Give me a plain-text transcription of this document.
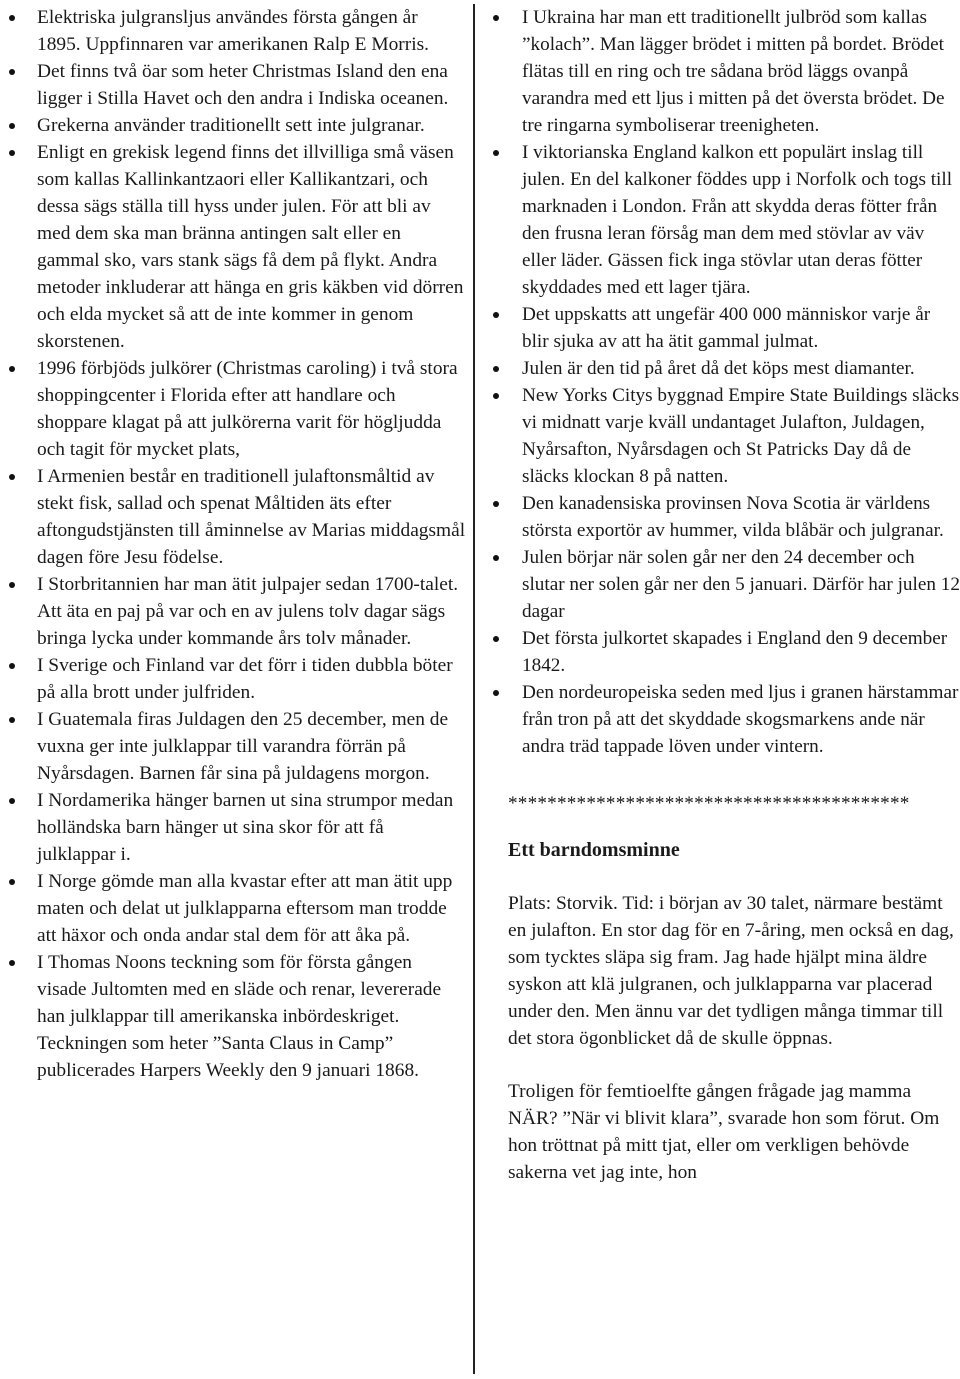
Elektriska julgransljus användes första gången år 1895. Uppfinnaren var amerikanen Ralp E Morris.
Det finns två öar som heter Christmas Island den ena ligger i Stilla Havet och den andra i Indiska oceanen.
Grekerna använder traditionellt sett inte julgranar.
Enligt en grekisk legend finns det illvilliga små väsen som kallas Kallinkantzaori eller Kallikantzari, och dessa sägs ställa till hyss under julen. För att bli av med dem ska man bränna antingen salt eller en gammal sko, vars stank sägs få dem på flykt. Andra metoder inkluderar att hänga en gris käkben vid dörren och elda mycket så att de inte kommer in genom skorstenen.
1996 förbjöds julkörer (Christmas caroling) i två stora shoppingcenter i Florida efter att handlare och shoppare klagat på att julkörerna varit för högljudda och tagit för mycket plats,
I Armenien består en traditionell julaftonsmåltid av stekt fisk, sallad och spenat Måltiden äts efter aftongudstjänsten till åminnelse av Marias middagsmål dagen före Jesu födelse.
I Storbritannien har man ätit julpajer sedan 1700-talet. Att äta en paj på var och en av julens tolv dagar sägs bringa lycka under kommande års tolv månader.
I Sverige och Finland var det förr i tiden dubbla böter på alla brott under julfriden.
I Guatemala firas Juldagen den 25 december, men de vuxna ger inte julklappar till varandra förrän på Nyårsdagen. Barnen får sina på juldagens morgon.
I Nordamerika hänger barnen ut sina strumpor medan holländska barn hänger ut sina skor för att få julklappar i.
I Norge gömde man alla kvastar efter att man ätit upp maten och delat ut julklapparna eftersom man trodde att häxor och onda andar stal dem för att åka på.
I Thomas Noons teckning som för första gången visade Jultomten med en släde och renar, levererade han julklappar till amerikanska inbördeskriget. Teckningen som heter ”Santa Claus in Camp” publicerades Harpers Weekly den 9 januari 1868.
I Ukraina har man ett traditionellt julbröd som kallas ”kolach”. Man lägger brödet i mitten på bordet. Brödet flätas till en ring och tre sådana bröd läggs ovanpå varandra med ett ljus i mitten på det översta brödet. De tre ringarna symboliserar treenigheten.
I viktorianska England kalkon ett populärt inslag till julen. En del kalkoner föddes upp i Norfolk och togs till marknaden i London. Från att skydda deras fötter från den frusna leran försåg man dem med stövlar av väv eller läder. Gässen fick inga stövlar utan deras fötter skyddades med ett lager tjära.
Det uppskatts att ungefär 400 000 människor varje år blir sjuka av att ha ätit gammal julmat.
Julen är den tid på året då det köps mest diamanter.
New Yorks Citys byggnad Empire State Buildings släcks vi midnatt varje kväll undantaget Julafton, Juldagen, Nyårsafton, Nyårsdagen och St Patricks Day då de släcks klockan 8 på natten.
Den kanadensiska provinsen Nova Scotia är världens största exportör av hummer, vilda blåbär och julgranar.
Julen börjar när solen går ner den 24 december och slutar ner solen går ner den 5 januari. Därför har julen 12 dagar
Det första julkortet skapades i England den 9 december 1842.
Den nordeuropeiska seden med ljus i granen härstammar från tron på att det skyddade skogsmarkens ande när andra träd tappade löven under vintern.
*****************************************
Ett barndomsminne

Plats: Storvik. Tid: i början av 30 talet, närmare bestämt en julafton. En stor dag för en 7-åring, men också en dag, som tycktes släpa sig fram. Jag hade hjälpt mina äldre syskon att klä julgranen, och julklapparna var placerad under den. Men ännu var det tydligen många timmar till det stora ögonblicket då de skulle öppnas.

Troligen för femtioelfte gången frågade jag mamma NÄR? ”När vi blivit klara”, svarade hon som förut. Om hon tröttnat på mitt tjat, eller om verkligen behövde sakerna vet jag inte, hon
